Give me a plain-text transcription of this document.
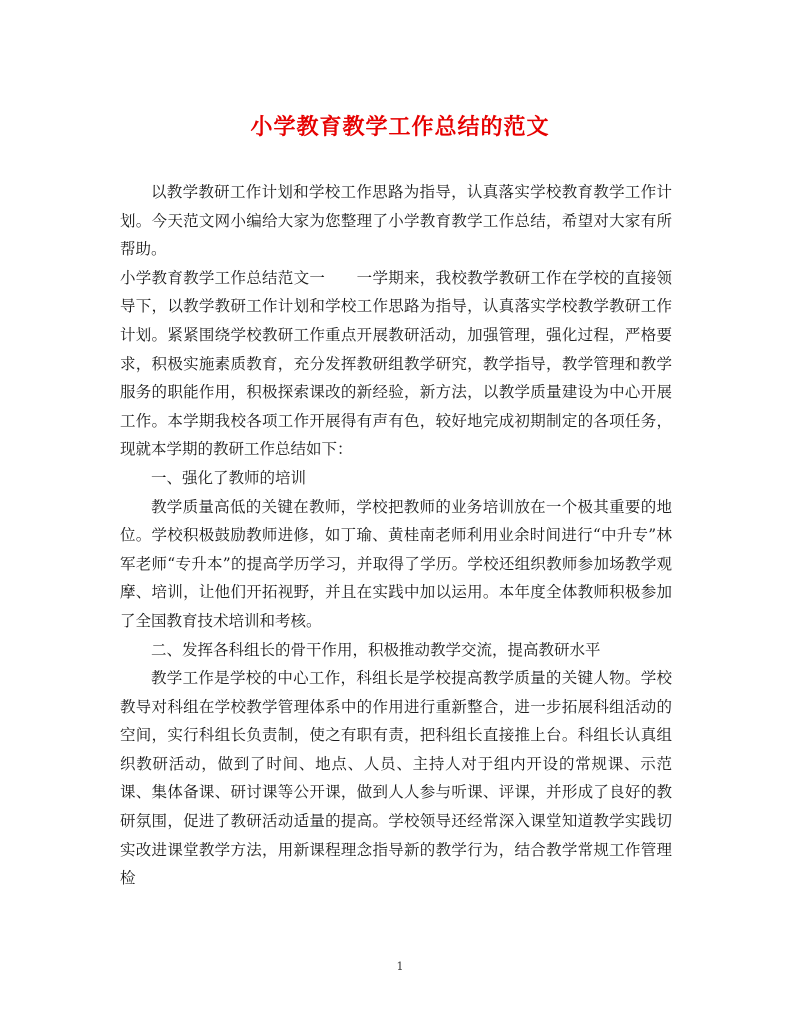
小学教育教学工作总结的范文

以教学教研工作计划和学校工作思路为指导，认真落实学校教育教学工作计划。今天范文网小编给大家为您整理了小学教育教学工作总结，希望对大家有所帮助。

小学教育教学工作总结范文一　　一学期来，我校教学教研工作在学校的直接领导下，以教学教研工作计划和学校工作思路为指导，认真落实学校教学教研工作计划。紧紧围绕学校教研工作重点开展教研活动，加强管理，强化过程，严格要求，积极实施素质教育，充分发挥教研组教学研究，教学指导，教学管理和教学服务的职能作用，积极探索课改的新经验，新方法，以教学质量建设为中心开展工作。本学期我校各项工作开展得有声有色，较好地完成初期制定的各项任务，现就本学期的教研工作总结如下：

一、强化了教师的培训

教学质量高低的关键在教师，学校把教师的业务培训放在一个极其重要的地位。学校积极鼓励教师进修，如丁瑜、黄桂南老师利用业余时间进行“中升专”林军老师“专升本”的提高学历学习，并取得了学历。学校还组织教师参加场教学观摩、培训，让他们开拓视野，并且在实践中加以运用。本年度全体教师积极参加了全国教育技术培训和考核。

二、发挥各科组长的骨干作用，积极推动教学交流，提高教研水平

教学工作是学校的中心工作，科组长是学校提高教学质量的关键人物。学校教导对科组在学校教学管理体系中的作用进行重新整合，进一步拓展科组活动的空间，实行科组长负责制，使之有职有责，把科组长直接推上台。科组长认真组织教研活动，做到了时间、地点、人员、主持人对于组内开设的常规课、示范课、集体备课、研讨课等公开课，做到人人参与听课、评课，并形成了良好的教研氛围，促进了教研活动适量的提高。学校领导还经常深入课堂知道教学实践切实改进课堂教学方法，用新课程理念指导新的教学行为，结合教学常规工作管理检

1
